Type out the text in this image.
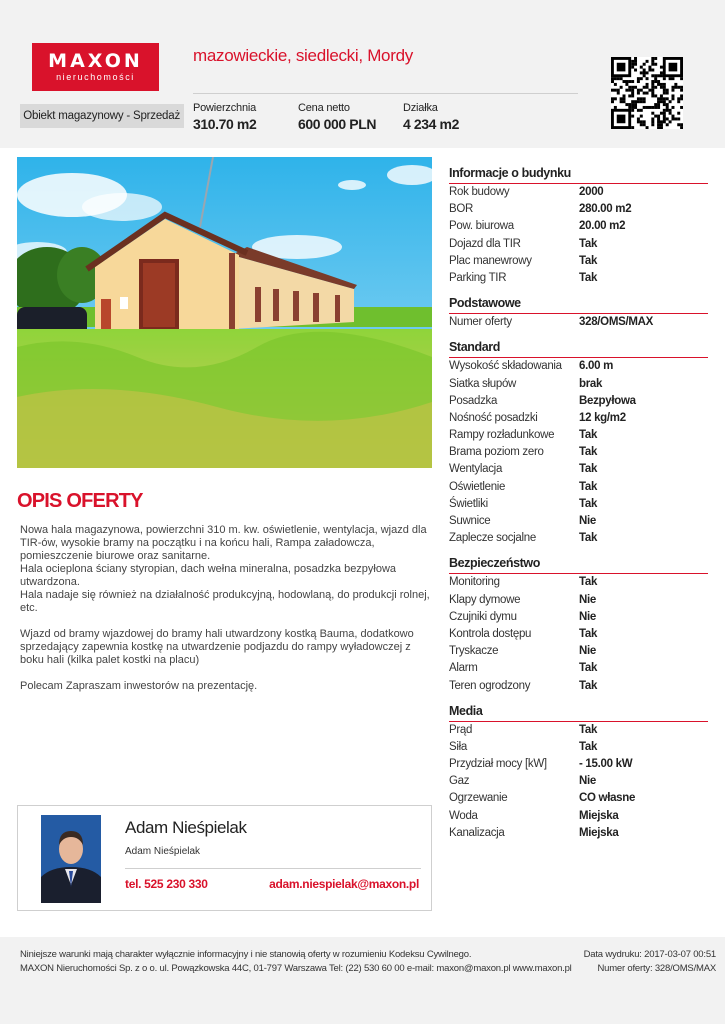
MAXON
nieruchomości
mazowieckie, siedlecki, Mordy
Obiekt magazynowy - Sprzedaż
Powierzchnia
310.70 m2
Cena netto
600 000 PLN
Działka
4 234 m2
OPIS OFERTY
Nowa hala magazynowa, powierzchni 310 m. kw. oświetlenie, wentylacja, wjazd dla TIR-ów, wysokie bramy na początku i na końcu hali, Rampa załadowcza, pomieszczenie biurowe oraz sanitarne.
Hala ocieplona ściany styropian, dach wełna mineralna, posadzka bezpyłowa utwardzona.
Hala nadaje się również na działalność produkcyjną, hodowlaną, do produkcji rolnej, etc.

Wjazd od bramy wjazdowej do bramy hali utwardzony kostką Bauma, dodatkowo sprzedający zapewnia kostkę na utwardzenie podjazdu do rampy wyładowczej z boku hali (kilka palet kostki na placu)

Polecam Zapraszam inwestorów na prezentację.
Adam Nieśpielak
Adam Nieśpielak
tel. 525 230 330	adam.niespielak@maxon.pl
Informacje o budynku
Rok budowy	2000
BOR	280.00 m2
Pow. biurowa	20.00 m2
Dojazd dla TIR	Tak
Plac manewrowy	Tak
Parking TIR	Tak
Podstawowe
Numer oferty	328/OMS/MAX
Standard
Wysokość składowania 6.00 m
Siatka słupów	brak
Posadzka	Bezpyłowa
Nośność posadzki	12 kg/m2
Rampy rozładunkowe Tak
Brama poziom zero	Tak
Wentylacja	Tak
Oświetlenie	Tak
Świetliki	Tak
Suwnice	Nie
Zaplecze socjalne	Tak
Bezpieczeństwo
Monitoring	Tak
Klapy dymowe	Nie
Czujniki dymu	Nie
Kontrola dostępu	Tak
Tryskacze	Nie
Alarm	Tak
Teren ogrodzony	Tak
Media
Prąd	Tak
Siła	Tak
Przydział mocy [kW]	- 15.00 kW
Gaz	Nie
Ogrzewanie	CO własne
Woda	Miejska
Kanalizacja	Miejska
Niniejsze warunki mają charakter wyłącznie informacyjny i nie stanowią oferty w rozumieniu Kodeksu Cywilnego.
MAXON Nieruchomości Sp. z o o. ul. Powązkowska 44C, 01-797 Warszawa Tel: (22) 530 60 00 e-mail: maxon@maxon.pl www.maxon.pl
Data wydruku: 2017-03-07 00:51
Numer oferty: 328/OMS/MAX
